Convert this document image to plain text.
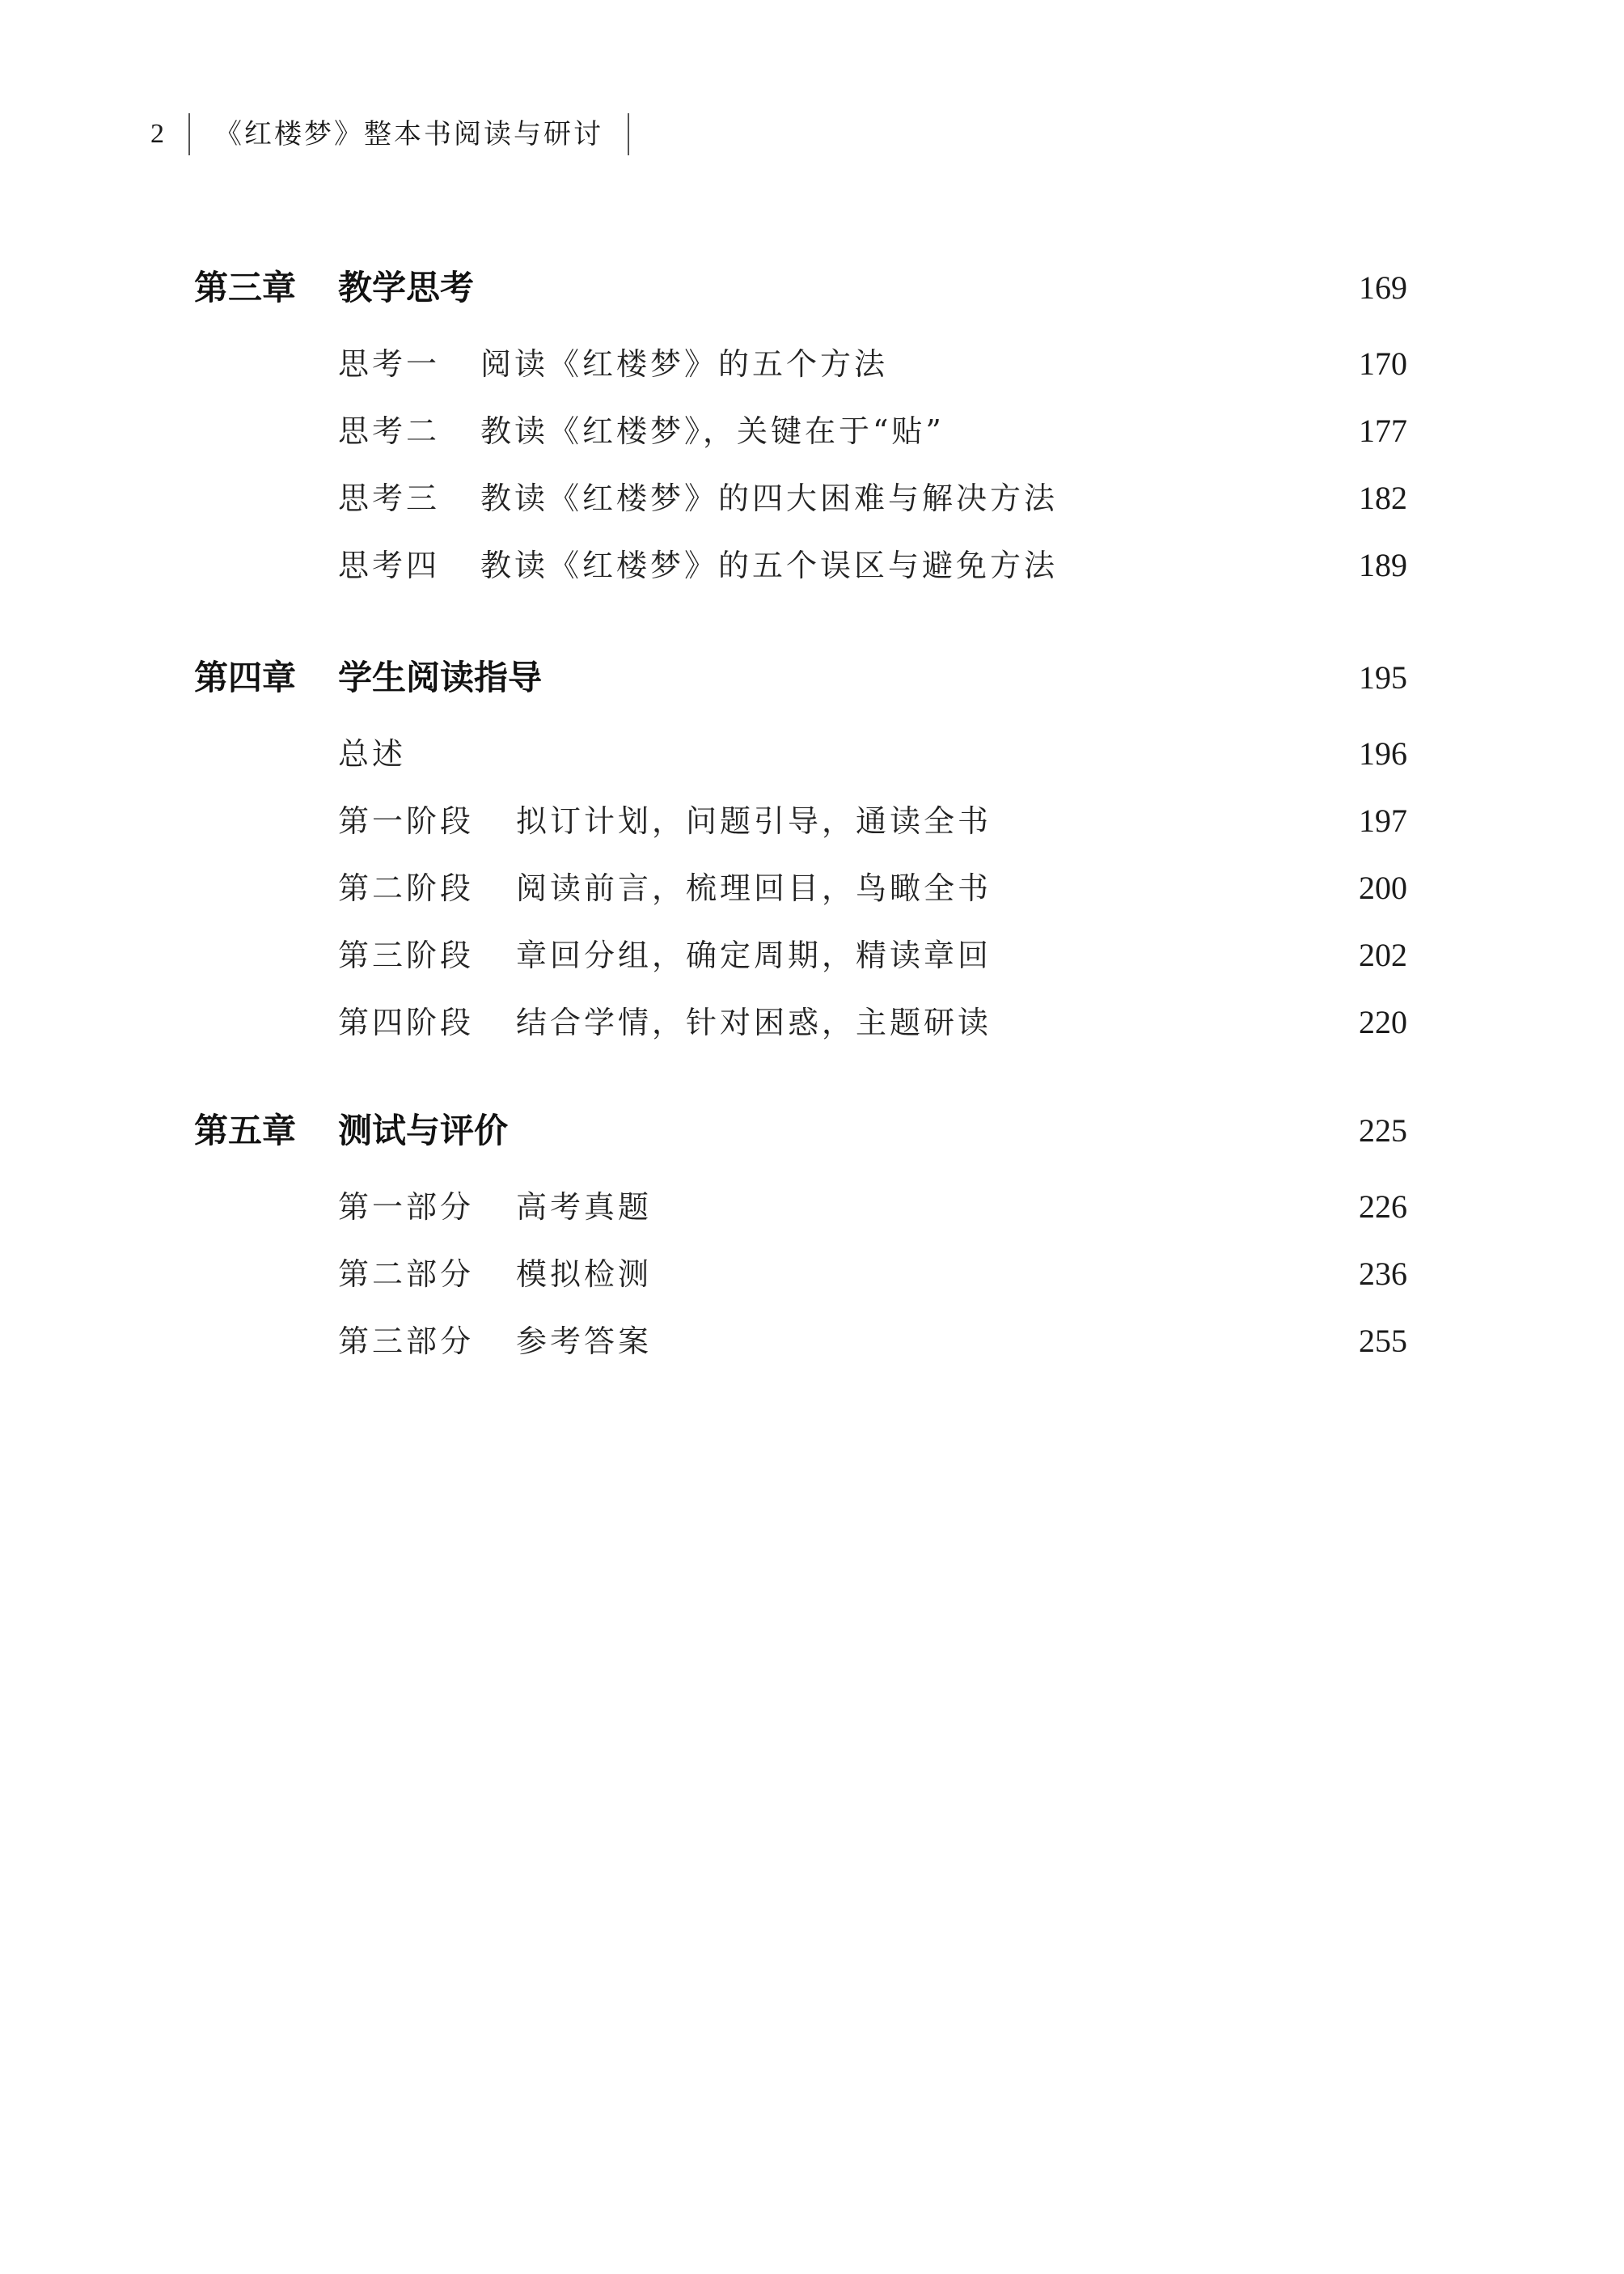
2 《红楼梦》整本书阅读与研讨
第三章 教学思考	169
思考一 阅读《红楼梦》的五个方法	170
思考二 教读《红楼梦》，关键在于“贴”	177
思考三 教读《红楼梦》的四大困难与解决方法	182
思考四 教读《红楼梦》的五个误区与避免方法	189
第四章 学生阅读指导	195
总述	196
第一阶段 拟订计划，问题引导，通读全书	197
第二阶段 阅读前言，梳理回目，鸟瞰全书	200
第三阶段 章回分组，确定周期，精读章回	202
第四阶段 结合学情，针对困惑，主题研读	220
第五章 测试与评价	225
第一部分 高考真题	226
第二部分 模拟检测	236
第三部分 参考答案	255
